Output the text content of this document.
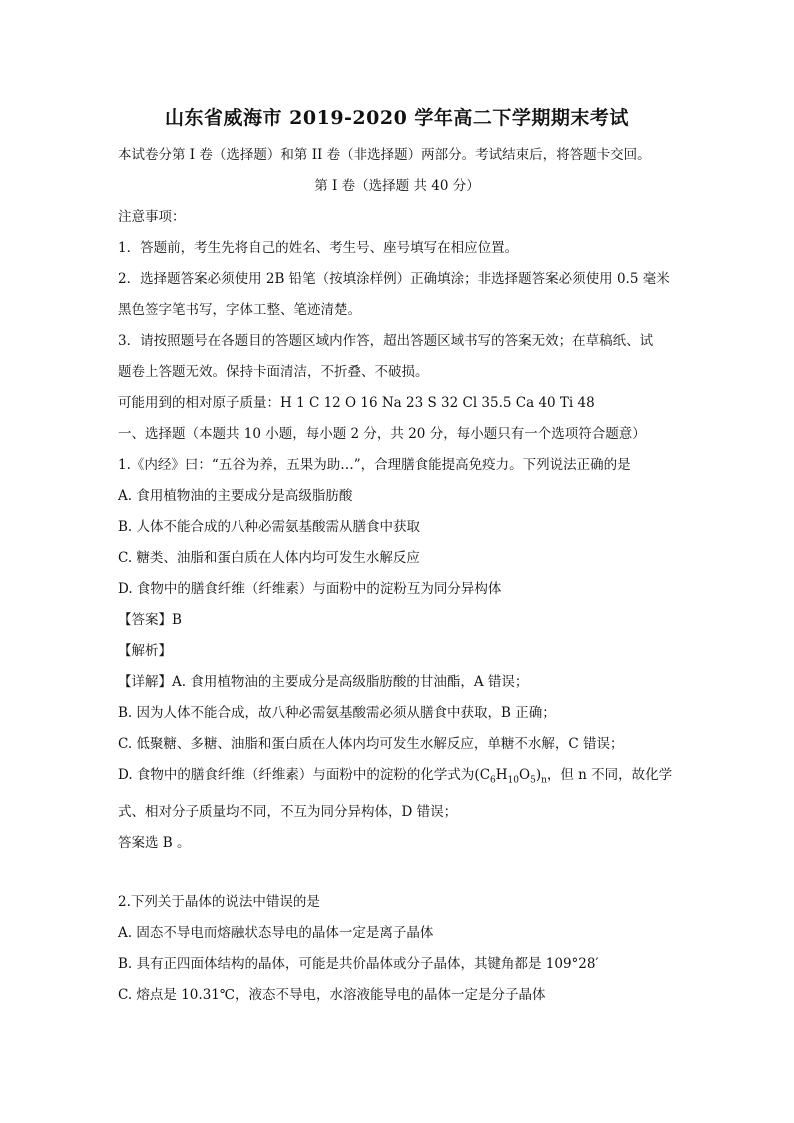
山东省威海市 2019-2020 学年高二下学期期末考试
本试卷分第 I 卷（选择题）和第 II 卷（非选择题）两部分。考试结束后，将答题卡交回。
第 I 卷（选择题 共 40 分）
注意事项：
1．答题前，考生先将自己的姓名、考生号、座号填写在相应位置。
2．选择题答案必须使用 2B 铅笔（按填涂样例）正确填涂；非选择题答案必须使用 0.5 毫米
黑色签字笔书写，字体工整、笔迹清楚。
3．请按照题号在各题目的答题区域内作答，超出答题区域书写的答案无效；在草稿纸、试
题卷上答题无效。保持卡面清洁，不折叠、不破损。
可能用到的相对原子质量：H 1 C 12 O 16 Na 23 S 32 Cl 35.5 Ca 40 Ti 48
一、选择题（本题共 10 小题，每小题 2 分，共 20 分，每小题只有一个选项符合题意）
1.《内经》曰：“五谷为养，五果为助…”，合理膳食能提高免疫力。下列说法正确的是
A. 食用植物油的主要成分是高级脂肪酸
B. 人体不能合成的八种必需氨基酸需从膳食中获取
C. 糖类、油脂和蛋白质在人体内均可发生水解反应
D. 食物中的膳食纤维（纤维素）与面粉中的淀粉互为同分异构体
【答案】B
【解析】
【详解】A. 食用植物油的主要成分是高级脂肪酸的甘油酯，A 错误；
B. 因为人体不能合成，故八种必需氨基酸需必须从膳食中获取，B 正确；
C. 低聚糖、多糖、油脂和蛋白质在人体内均可发生水解反应，单糖不水解，C 错误；
D. 食物中的膳食纤维（纤维素）与面粉中的淀粉的化学式为$(C_6H_{10}O_5)_n$，但 n 不同，故化学
式、相对分子质量均不同，不互为同分异构体，D 错误；
答案选 B 。
2.下列关于晶体的说法中错误的是
A. 固态不导电而熔融状态导电的晶体一定是离子晶体
B. 具有正四面体结构的晶体，可能是共价晶体或分子晶体，其键角都是 109°28′
C. 熔点是 10.31℃，液态不导电，水溶液能导电的晶体一定是分子晶体
